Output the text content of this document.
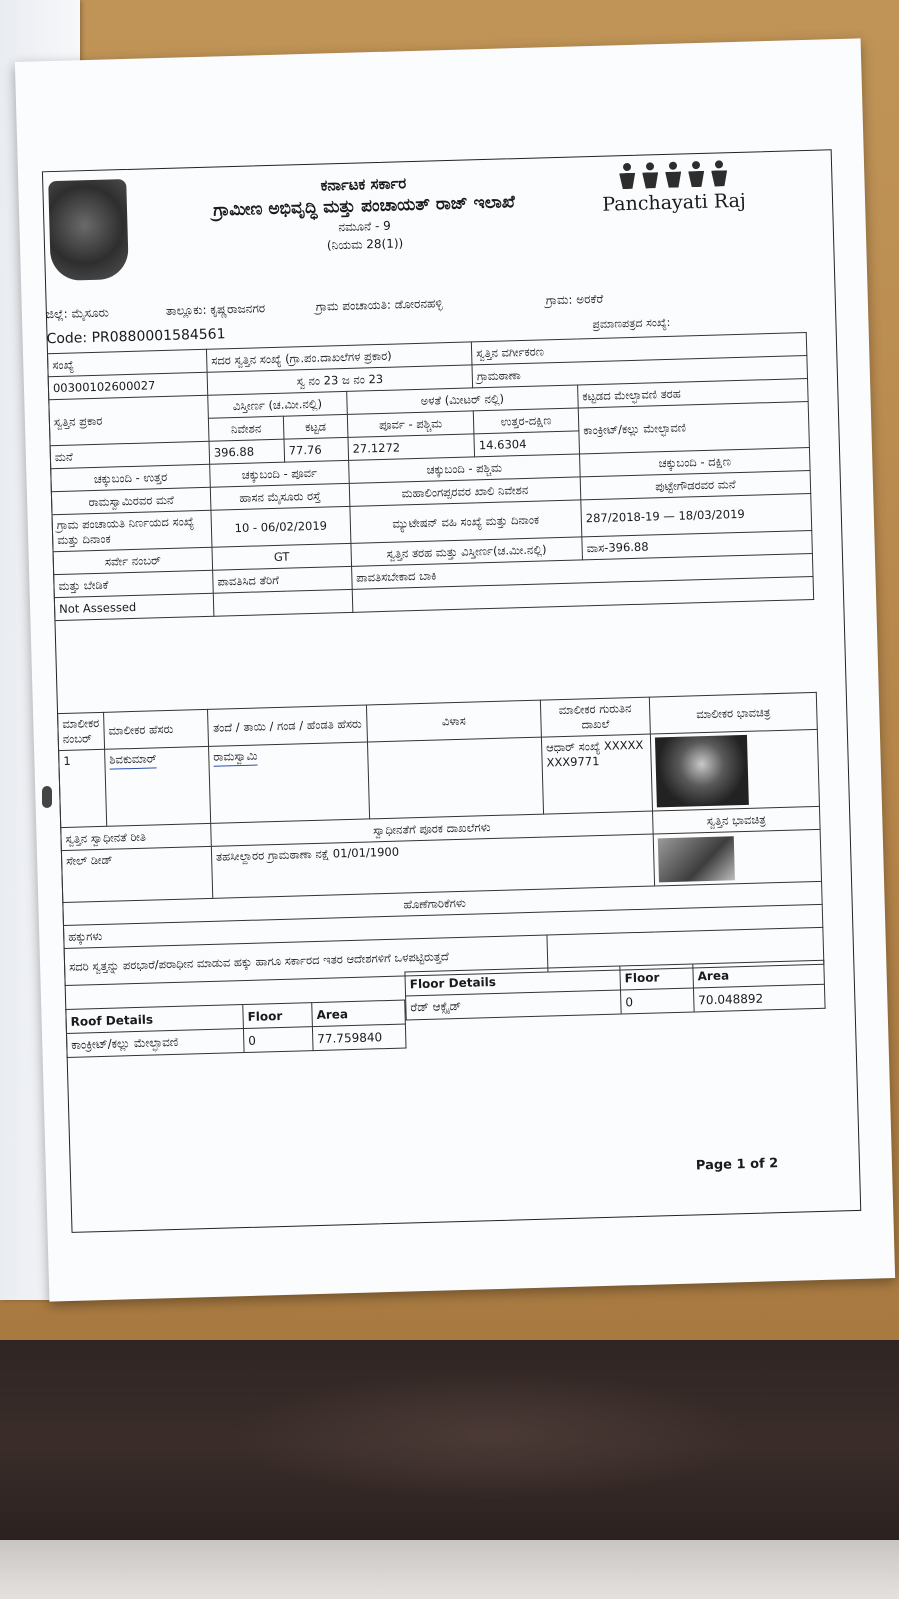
ಕರ್ನಾಟಕ ಸರ್ಕಾರ
ಗ್ರಾಮೀಣ ಅಭಿವೃದ್ಧಿ ಮತ್ತು ಪಂಚಾಯತ್ ರಾಜ್ ಇಲಾಖೆ
ನಮೂನೆ - 9
(ನಿಯಮ 28(1))
Panchayati Raj
ಜಿಲ್ಲೆ: ಮೈಸೂರು	ತಾಲ್ಲೂಕು: ಕೃಷ್ಣರಾಜನಗರ	ಗ್ರಾಮ ಪಂಚಾಯತಿ: ಡೋರನಹಳ್ಳಿ	ಗ್ರಾಮ: ಅರಕೆರೆ
Code: PR0880001584561
ಪ್ರಮಾಣಪತ್ರದ ಸಂಖ್ಯೆ:
ಸಂಖ್ಯೆ	ಸದರ ಸ್ವತ್ತಿನ ಸಂಖ್ಯೆ (ಗ್ರಾ.ಪಂ.ದಾಖಲೆಗಳ ಪ್ರಕಾರ)			ಸ್ವತ್ತಿನ ವರ್ಗೀಕರಣ	
00300102600027	ಸ್ವ ನಂ 23 ಜ ನಂ 23			ಗ್ರಾಮಠಾಣಾ	
ಸ್ವತ್ತಿನ ಪ್ರಕಾರ	ವಿಸ್ತೀರ್ಣ (ಚ.ಮೀ.ನಲ್ಲಿ)		ಅಳತೆ (ಮೀಟರ್ ನಲ್ಲಿ)		ಕಟ್ಟಡದ ಮೇಲ್ಛಾವಣಿ ತರಹ
	ನಿವೇಶನ	ಕಟ್ಟಡ	ಪೂರ್ವ - ಪಶ್ಚಿಮ	ಉತ್ತರ-ದಕ್ಷಿಣ	ಕಾಂಕ್ರೀಟ್/ಕಲ್ಲು ಮೇಲ್ಛಾವಣಿ
ಮನೆ	396.88	77.76	27.1272	14.6304	
ಚಕ್ಕುಬಂದಿ - ಉತ್ತರ	ಚಕ್ಕುಬಂದಿ - ಪೂರ್ವ		ಚಕ್ಕುಬಂದಿ - ಪಶ್ಚಿಮ		ಚಕ್ಕುಬಂದಿ - ದಕ್ಷಿಣ
ರಾಮಸ್ವಾಮಿರವರ ಮನೆ	ಹಾಸನ ಮೈಸೂರು ರಸ್ತೆ		ಮಹಾಲಿಂಗಪ್ಪರವರ ಖಾಲಿ ನಿವೇಶನ		ಪುಟ್ಟೇಗೌಡರವರ ಮನೆ
ಗ್ರಾಮ ಪಂಚಾಯತಿ ನಿರ್ಣಯದ ಸಂಖ್ಯೆ ಮತ್ತು ದಿನಾಂಕ	10 - 06/02/2019		ಮ್ಯುಟೇಷನ್ ವಹಿ ಸಂಖ್ಯೆ ಮತ್ತು ದಿನಾಂಕ		287/2018-19 — 18/03/2019
ಸರ್ವೇ ನಂಬರ್	GT		ಸ್ವತ್ತಿನ ತರಹ ಮತ್ತು ವಿಸ್ತೀರ್ಣ(ಚ.ಮೀ.ನಲ್ಲಿ)		ವಾಸ-396.88
ಮತ್ತು ಬೇಡಿಕೆ	ಪಾವತಿಸಿದ ತೆರಿಗೆ		ಪಾವತಿಸಬೇಕಾದ ಬಾಕಿ		
Not Assessed					
ಮಾಲೀಕರ ನಂಬರ್	ಮಾಲೀಕರ ಹೆಸರು	ತಂದೆ / ತಾಯಿ / ಗಂಡ / ಹೆಂಡತಿ ಹೆಸರು	ವಿಳಾಸ	ಮಾಲೀಕರ ಗುರುತಿನ ದಾಖಲೆ	ಮಾಲೀಕರ ಭಾವಚಿತ್ರ
1	ಶಿವಕುಮಾರ್	ರಾಮಸ್ವಾಮಿ		ಆಧಾರ್ ಸಂಖ್ಯೆ XXXXXXXX9771	

ಸ್ವತ್ತಿನ ಸ್ವಾಧೀನತೆ ರೀತಿ		ಸ್ವಾಧೀನತೆಗೆ ಪೂರಕ ದಾಖಲೆಗಳು			ಸ್ವತ್ತಿನ ಭಾವಚಿತ್ರ
ಸೇಲ್ ಡೀಡ್		ತಹಸೀಲ್ದಾರರ ಗ್ರಾಮಠಾಣಾ ನಕ್ಷೆ 01/01/1900			

ಹೊಣೆಗಾರಿಕೆಗಳು					
ಹಕ್ಕುಗಳು					
ಸದರಿ ಸ್ವತ್ತನ್ನು ಪರಭಾರೆ/ಪರಾಧೀನ ಮಾಡುವ ಹಕ್ಕು ಹಾಗೂ ಸರ್ಕಾರದ ಇತರ ಆದೇಶಗಳಿಗೆ ಒಳಪಟ್ಟಿರುತ್ತದೆ					
Roof Details	Floor	Area
ಕಾಂಕ್ರೀಟ್/ಕಲ್ಲು ಮೇಲ್ಛಾವಣಿ	0	77.759840
Floor Details	Floor	Area
ರೆಡ್ ಆಕ್ಸೈಡ್	0	70.048892
Page 1 of 2
